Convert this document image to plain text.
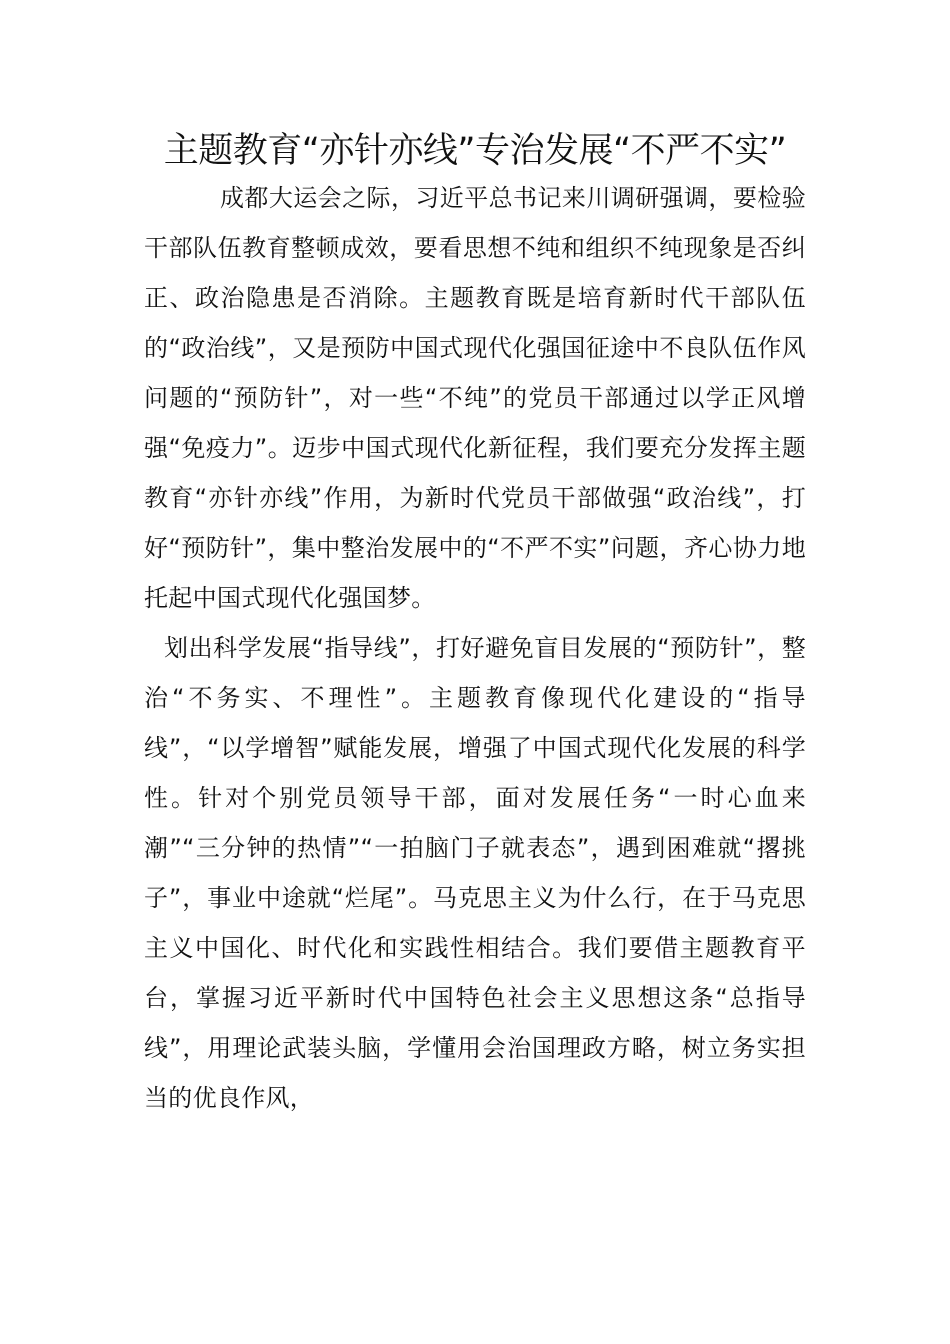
主题教育“亦针亦线”专治发展“不严不实”

成都大运会之际，习近平总书记来川调研强调，要检验干部队伍教育整顿成效，要看思想不纯和组织不纯现象是否纠正、政治隐患是否消除。主题教育既是培育新时代干部队伍的“政治线”，又是预防中国式现代化强国征途中不良队伍作风问题的“预防针”，对一些“不纯”的党员干部通过以学正风增强“免疫力”。迈步中国式现代化新征程，我们要充分发挥主题教育“亦针亦线”作用，为新时代党员干部做强“政治线”，打好“预防针”，集中整治发展中的“不严不实”问题，齐心协力地托起中国式现代化强国梦。

划出科学发展“指导线”，打好避免盲目发展的“预防针”，整治“不务实、不理性”。主题教育像现代化建设的“指导线”，“以学增智”赋能发展，增强了中国式现代化发展的科学性。针对个别党员领导干部，面对发展任务“一时心血来潮”“三分钟的热情”“一拍脑门子就表态”，遇到困难就“撂挑子”，事业中途就“烂尾”。马克思主义为什么行，在于马克思主义中国化、时代化和实践性相结合。我们要借主题教育平台，掌握习近平新时代中国特色社会主义思想这条“总指导线”，用理论武装头脑，学懂用会治国理政方略，树立务实担当的优良作风，
